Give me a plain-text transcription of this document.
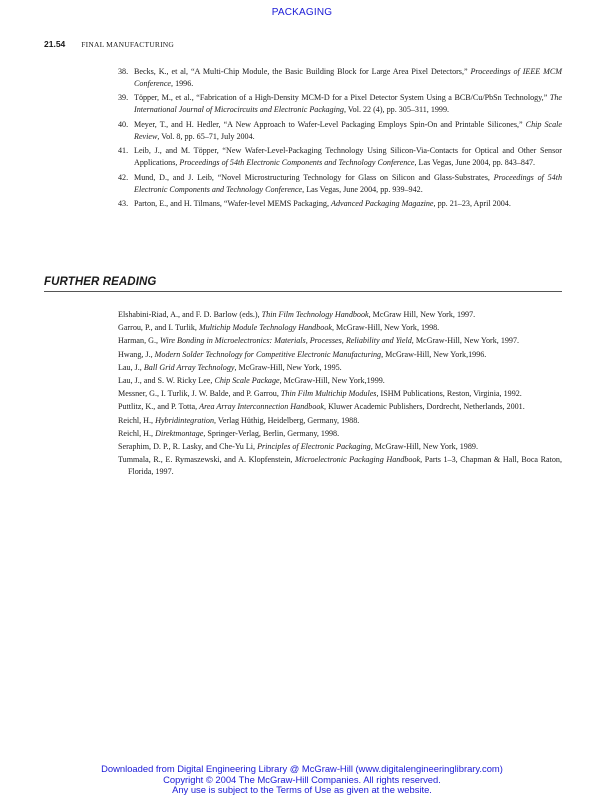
PACKAGING
21.54 FINAL MANUFACTURING
38. Becks, K., et al, “A Multi-Chip Module, the Basic Building Block for Large Area Pixel Detectors,” Proceedings of IEEE MCM Conference, 1996.
39. Töpper, M., et al., “Fabrication of a High-Density MCM-D for a Pixel Detector System Using a BCB/Cu/PbSn Technology,” The International Journal of Microcircuits and Electronic Packaging, Vol. 22 (4), pp. 305–311, 1999.
40. Meyer, T., and H. Hedler, “A New Approach to Wafer-Level Packaging Employs Spin-On and Printable Silicones,” Chip Scale Review, Vol. 8, pp. 65–71, July 2004.
41. Leib, J., and M. Töpper, “New Wafer-Level-Packaging Technology Using Silicon-Via-Contacts for Optical and Other Sensor Applications, Proceedings of 54th Electronic Components and Technology Conference, Las Vegas, June 2004, pp. 843–847.
42. Mund, D., and J. Leib, “Novel Microstructuring Technology for Glass on Silicon and Glass-Substrates, Proceedings of 54th Electronic Components and Technology Conference, Las Vegas, June 2004, pp. 939–942.
43. Parton, E., and H. Tilmans, “Wafer-level MEMS Packaging, Advanced Packaging Magazine, pp. 21–23, April 2004.
FURTHER READING
Elshabini-Riad, A., and F. D. Barlow (eds.), Thin Film Technology Handbook, McGraw Hill, New York, 1997.
Garrou, P., and I. Turlik, Multichip Module Technology Handbook, McGraw-Hill, New York, 1998.
Harman, G., Wire Bonding in Microelectronics: Materials, Processes, Reliability and Yield, McGraw-Hill, New York, 1997.
Hwang, J., Modern Solder Technology for Competitive Electronic Manufacturing, McGraw-Hill, New York,1996.
Lau, J., Ball Grid Array Technology, McGraw-Hill, New York, 1995.
Lau, J., and S. W. Ricky Lee, Chip Scale Package, McGraw-Hill, New York,1999.
Messner, G., I. Turlik, J. W. Balde, and P. Garrou, Thin Film Multichip Modules, ISHM Publications, Reston, Virginia, 1992.
Puttlitz, K., and P. Totta, Area Array Interconnection Handbook, Kluwer Academic Publishers, Dordrecht, Netherlands, 2001.
Reichl, H., Hybridintegration, Verlag Hüthig, Heidelberg, Germany, 1988.
Reichl, H., Direktmontage, Springer-Verlag, Berlin, Germany, 1998.
Seraphim, D. P., R. Lasky, and Che-Yu Li, Principles of Electronic Packaging, McGraw-Hill, New York, 1989.
Tummala, R., E. Rymaszewski, and A. Klopfenstein, Microelectronic Packaging Handbook, Parts 1–3, Chapman & Hall, Boca Raton, Florida, 1997.
Downloaded from Digital Engineering Library @ McGraw-Hill (www.digitalengineeringlibrary.com)
Copyright © 2004 The McGraw-Hill Companies. All rights reserved.
Any use is subject to the Terms of Use as given at the website.
